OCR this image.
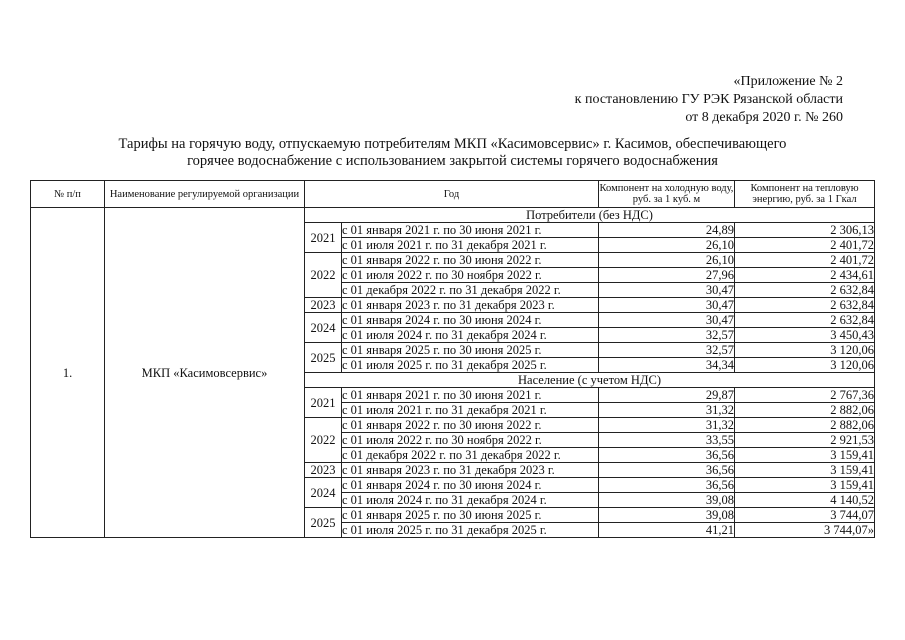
«Приложение № 2
к постановлению ГУ РЭК Рязанской области
от 8 декабря 2020 г. № 260
Тарифы на горячую воду, отпускаемую потребителям МКП «Касимовсервис» г. Касимов, обеспечивающего
горячее водоснабжение с использованием закрытой системы горячего водоснабжения
№ п/п	Наименование регулируемой организации	Год		Компонент на холодную воду, руб. за 1 куб. м	Компонент на тепловую энергию, руб. за 1 Гкал
1.	МКП «Касимовсервис»	Потребители (без НДС)			
		2021	с 01 января 2021 г. по 30 июня 2021 г.	24,89	2 306,13
			с 01 июля 2021 г. по 31 декабря 2021 г.	26,10	2 401,72
		2022	с 01 января 2022 г. по 30 июня 2022 г.	26,10	2 401,72
			с 01 июля 2022 г. по 30 ноября 2022 г.	27,96	2 434,61
			с 01 декабря 2022 г. по 31 декабря 2022 г.	30,47	2 632,84
		2023	с 01 января 2023 г. по 31 декабря 2023 г.	30,47	2 632,84
		2024	с 01 января 2024 г. по 30 июня 2024 г.	30,47	2 632,84
			с 01 июля 2024 г. по 31 декабря 2024 г.	32,57	3 450,43
		2025	с 01 января 2025 г. по 30 июня 2025 г.	32,57	3 120,06
			с 01 июля 2025 г. по 31 декабря 2025 г.	34,34	3 120,06
		Население (с учетом НДС)			
		2021	с 01 января 2021 г. по 30 июня 2021 г.	29,87	2 767,36
			с 01 июля 2021 г. по 31 декабря 2021 г.	31,32	2 882,06
		2022	с 01 января 2022 г. по 30 июня 2022 г.	31,32	2 882,06
			с 01 июля 2022 г. по 30 ноября 2022 г.	33,55	2 921,53
			с 01 декабря 2022 г. по 31 декабря 2022 г.	36,56	3 159,41
		2023	с 01 января 2023 г. по 31 декабря 2023 г.	36,56	3 159,41
		2024	с 01 января 2024 г. по 30 июня 2024 г.	36,56	3 159,41
			с 01 июля 2024 г. по 31 декабря 2024 г.	39,08	4 140,52
		2025	с 01 января 2025 г. по 30 июня 2025 г.	39,08	3 744,07
			с 01 июля 2025 г. по 31 декабря 2025 г.	41,21	3 744,07»
